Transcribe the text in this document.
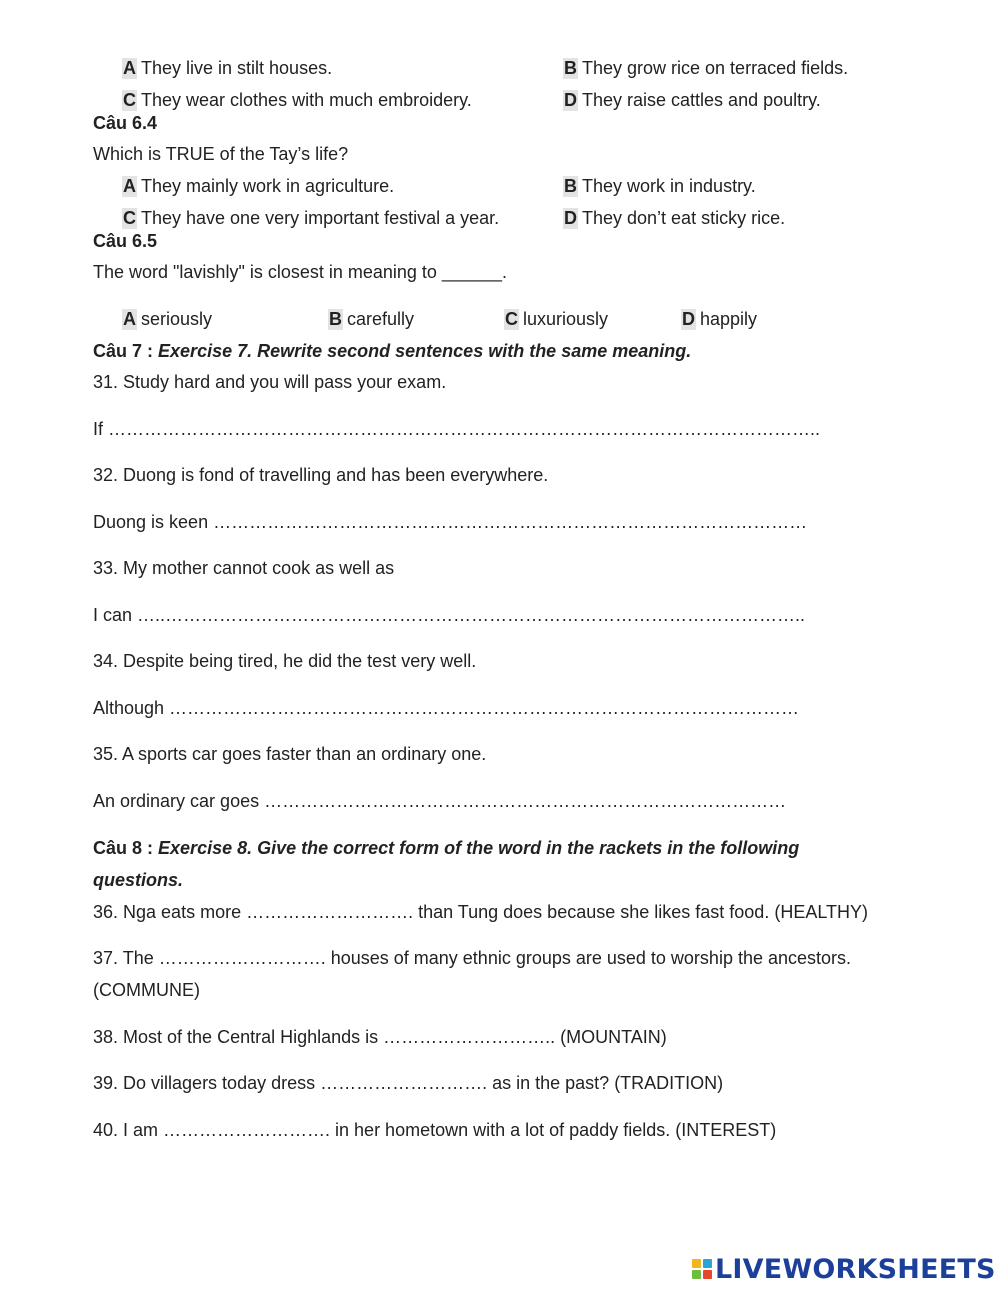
A They live in stilt houses.	B They grow rice on terraced fields.
C They wear clothes with much embroidery.	D They raise cattles and poultry.
Câu 6.4
Which is TRUE of the Tay’s life?
A They mainly work in agriculture.	B They work in industry.
C They have one very important festival a year.	D They don’t eat sticky rice.
Câu 6.5
The word "lavishly" is closest in meaning to ______.
A seriously	B carefully	C luxuriously	D happily
Câu 7 : Exercise 7. Rewrite second sentences with the same meaning.
31. Study hard and you will pass your exam.
If ………………………………………………………………………………………………………..
32. Duong is fond of travelling and has been everywhere.
Duong is keen ………………………………………………………………………………………
33. My mother cannot cook as well as
I can …..……………………………………………………………………………………………..
34. Despite being tired, he did the test very well.
Although ……………………………………………………………………………………………
35. A sports car goes faster than an ordinary one.
An ordinary car goes ……………………………………………………………………………
Câu 8 : Exercise 8. Give the correct form of the word in the rackets in the following
questions.
36. Nga eats more ………………………. than Tung does because she likes fast food. (HEALTHY)
37. The ………………………. houses of many ethnic groups are used to worship the ancestors.
(COMMUNE)
38. Most of the Central Highlands is ……………………….. (MOUNTAIN)
39. Do villagers today dress ………………………. as in the past? (TRADITION)
40. I am ………………………. in her hometown with a lot of paddy fields. (INTEREST)
LIVEWORKSHEETS
